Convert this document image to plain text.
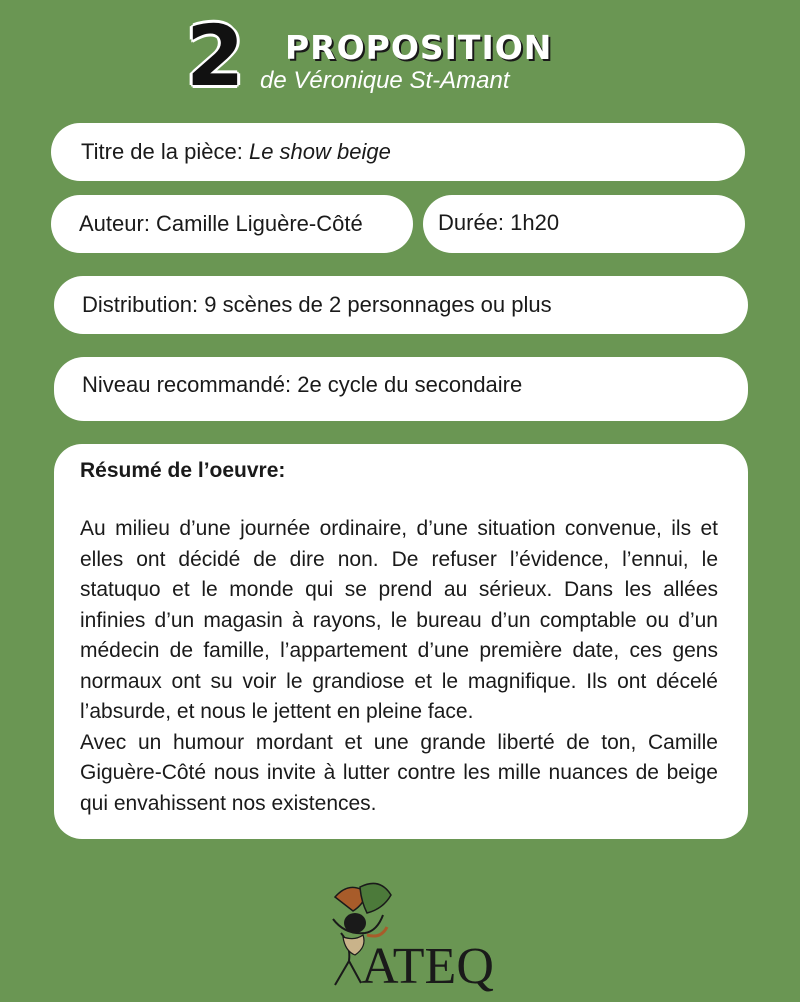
2 PROPOSITION
de Véronique St-Amant
Titre de la pièce:
Le show beige
Auteur: Camille Liguère-Côté	Durée: 1h20
Distribution: 9 scènes de 2 personnages ou plus
Niveau recommandé: 2e cycle du secondaire
Résumé de l’oeuvre:

Au milieu d’une journée ordinaire, d’une situation convenue, ils et elles ont décidé de dire non. De refuser l’évidence, l’ennui, le statuquo et le monde qui se prend au sérieux. Dans les allées infinies d’un magasin à rayons, le bureau d’un comptable ou d’un médecin de famille, l’appartement d’une première date, ces gens normaux ont su voir le grandiose et le magnifique. Ils ont décelé l’absurde, et nous le jettent en pleine face.

Avec un humour mordant et une grande liberté de ton, Camille Giguère-Côté nous invite à lutter contre les mille nuances de beige qui envahissent nos existences.

ATEQ
